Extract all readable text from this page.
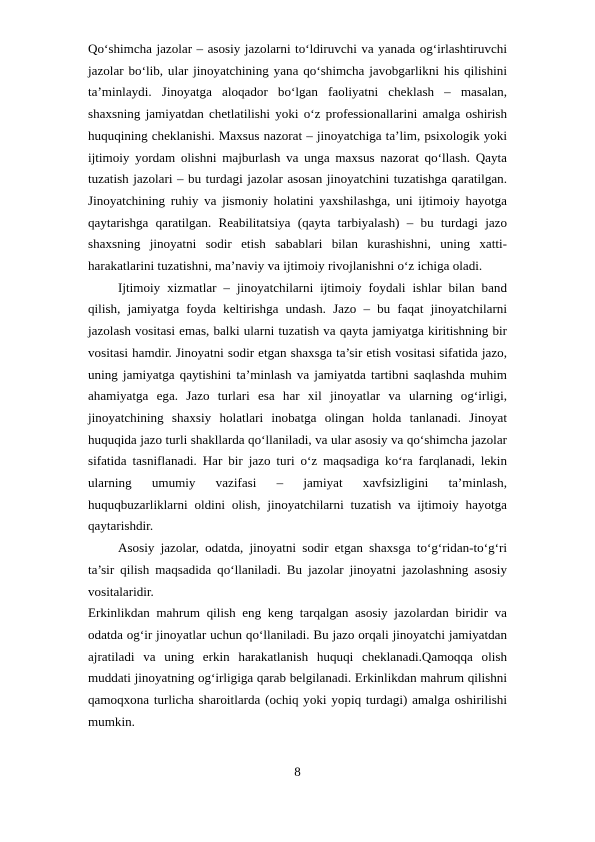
Qo‘shimcha jazolar – asosiy jazolarni to‘ldiruvchi va yanada og‘irlashtiruvchi jazolar bo‘lib, ular jinoyatchining yana qo‘shimcha javobgarlikni his qilishini ta’minlaydi. Jinoyatga aloqador bo‘lgan faoliyatni cheklash – masalan, shaxsning jamiyatdan chetlatilishi yoki o‘z professionallarini amalga oshirish huquqining cheklanishi. Maxsus nazorat – jinoyatchiga ta’lim, psixologik yoki ijtimoiy yordam olishni majburlash va unga maxsus nazorat qo‘llash. Qayta tuzatish jazolari – bu turdagi jazolar asosan jinoyatchini tuzatishga qaratilgan. Jinoyatchining ruhiy va jismoniy holatini yaxshilashga, uni ijtimoiy hayotga qaytarishga qaratilgan. Reabilitatsiya (qayta tarbiyalash) – bu turdagi jazo shaxsning jinoyatni sodir etish sabablari bilan kurashishni, uning xatti-harakatlarini tuzatishni, ma’naviy va ijtimoiy rivojlanishni o‘z ichiga oladi.

Ijtimoiy xizmatlar – jinoyatchilarni ijtimoiy foydali ishlar bilan band qilish, jamiyatga foyda keltirishga undash. Jazo – bu faqat jinoyatchilarni jazolash vositasi emas, balki ularni tuzatish va qayta jamiyatga kiritishning bir vositasi hamdir. Jinoyatni sodir etgan shaxsga ta’sir etish vositasi sifatida jazo, uning jamiyatga qaytishini ta’minlash va jamiyatda tartibni saqlashda muhim ahamiyatga ega. Jazo turlari esa har xil jinoyatlar va ularning og‘irligi, jinoyatchining shaxsiy holatlari inobatga olingan holda tanlanadi. Jinoyat huquqida jazo turli shakllarda qo‘llaniladi, va ular asosiy va qo‘shimcha jazolar sifatida tasniflanadi. Har bir jazo turi o‘z maqsadiga ko‘ra farqlanadi, lekin ularning umumiy vazifasi – jamiyat xavfsizligini ta’minlash, huquqbuzarliklarni oldini olish, jinoyatchilarni tuzatish va ijtimoiy hayotga qaytarishdir.

Asosiy jazolar, odatda, jinoyatni sodir etgan shaxsga to‘g‘ridan-to‘g‘ri ta’sir qilish maqsadida qo‘llaniladi. Bu jazolar jinoyatni jazolashning asosiy vositalaridir.

Erkinlikdan mahrum qilish eng keng tarqalgan asosiy jazolardan biridir va odatda og‘ir jinoyatlar uchun qo‘llaniladi. Bu jazo orqali jinoyatchi jamiyatdan ajratiladi va uning erkin harakatlanish huquqi cheklanadi.Qamoqqa olish muddati jinoyatning og‘irligiga qarab belgilanadi. Erkinlikdan mahrum qilishni qamoqxona turlicha sharoitlarda (ochiq yoki yopiq turdagi) amalga oshirilishi mumkin.

8
